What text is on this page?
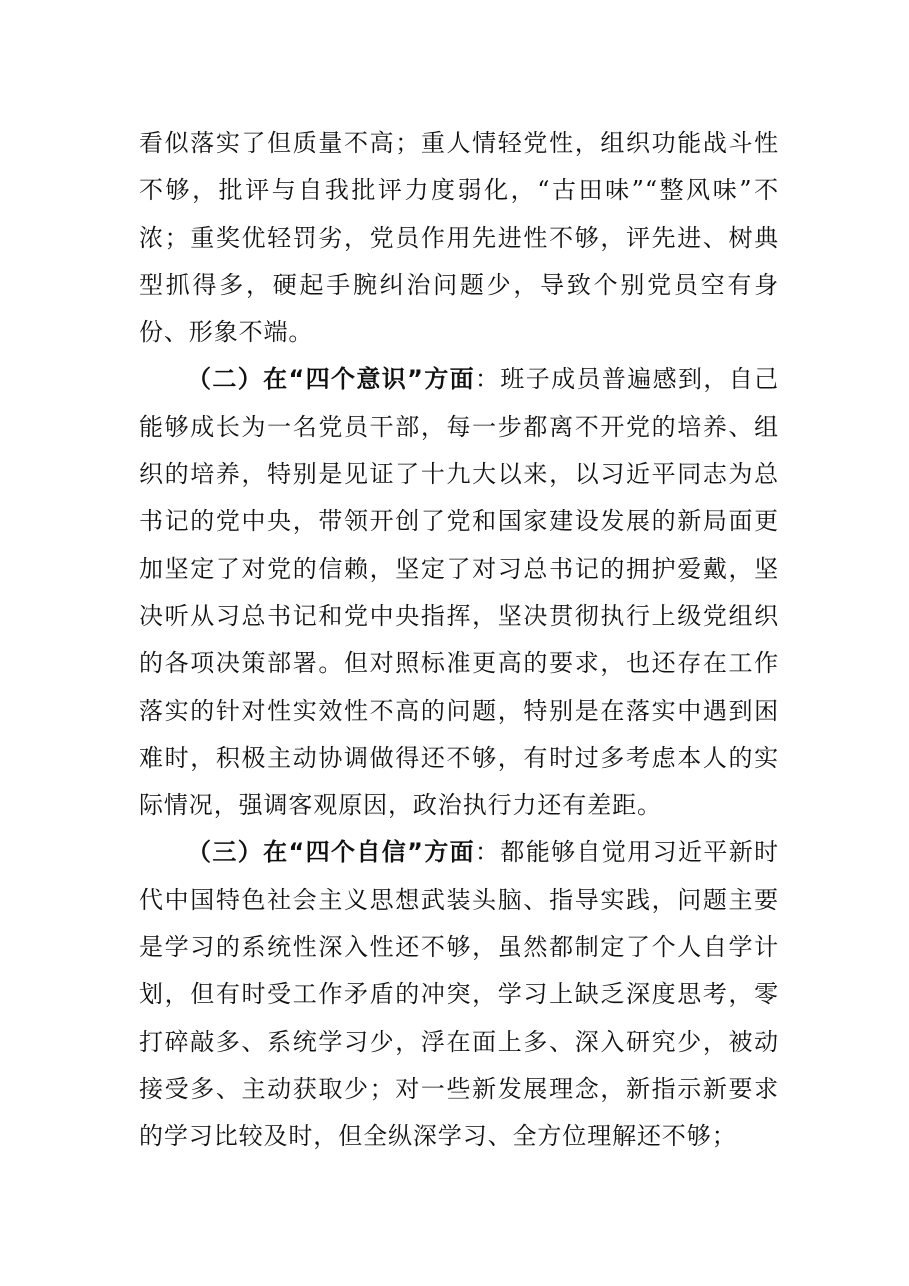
看似落实了但质量不高；重人情轻党性，组织功能战斗性不够，批评与自我批评力度弱化，“古田味”“整风味”不浓；重奖优轻罚劣，党员作用先进性不够，评先进、树典型抓得多，硬起手腕纠治问题少，导致个别党员空有身份、形象不端。

（二）在“四个意识”方面：班子成员普遍感到，自己能够成长为一名党员干部，每一步都离不开党的培养、组织的培养，特别是见证了十九大以来，以习近平同志为总书记的党中央，带领开创了党和国家建设发展的新局面更加坚定了对党的信赖，坚定了对习总书记的拥护爱戴，坚决听从习总书记和党中央指挥，坚决贯彻执行上级党组织的各项决策部署。但对照标准更高的要求，也还存在工作落实的针对性实效性不高的问题，特别是在落实中遇到困难时，积极主动协调做得还不够，有时过多考虑本人的实际情况，强调客观原因，政治执行力还有差距。

（三）在“四个自信”方面：都能够自觉用习近平新时代中国特色社会主义思想武装头脑、指导实践，问题主要是学习的系统性深入性还不够，虽然都制定了个人自学计划，但有时受工作矛盾的冲突，学习上缺乏深度思考，零打碎敲多、系统学习少，浮在面上多、深入研究少，被动接受多、主动获取少；对一些新发展理念，新指示新要求的学习比较及时，但全纵深学习、全方位理解还不够；
